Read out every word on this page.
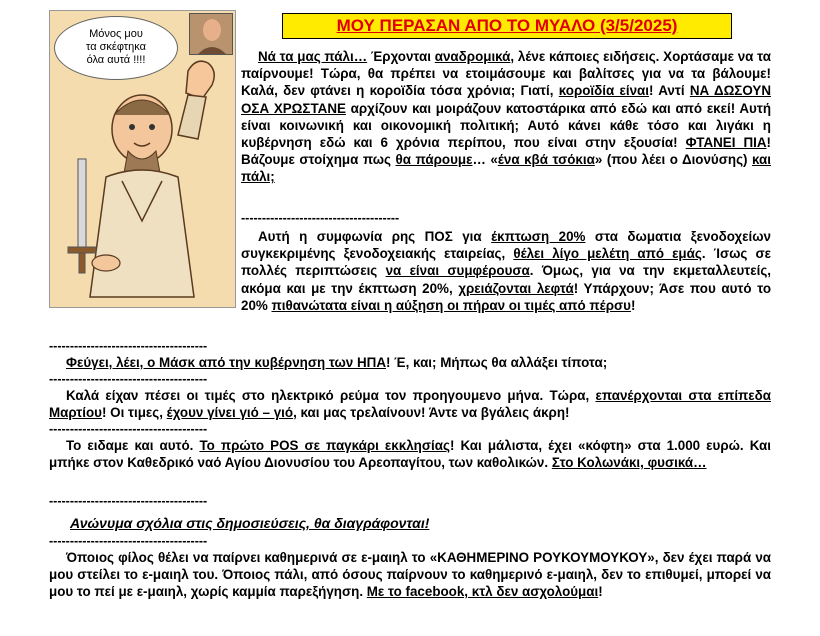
Μόνος μου
τα σκέφτηκα
όλα αυτά !!!!
ΜΟΥ ΠΕΡΑΣΑΝ ΑΠΟ ΤΟ ΜΥΑΛΟ (3/5/2025)
Νά τα μας πάλι… Έρχονται αναδρομικά, λένε κάποιες ειδήσεις. Χορτάσαμε να τα παίρνουμε! Τώρα, θα πρέπει να ετοιμάσουμε και βαλίτσες για να τα βάλουμε! Καλά, δεν φτάνει η κοροϊδία τόσα χρόνια; Γιατί, κοροϊδία είναι! Αντί ΝΑ ΔΩΣΟΥΝ ΟΣΑ ΧΡΩΣΤΑΝΕ αρχίζουν και μοιράζουν κατοστάρικα από εδώ και από εκεί! Αυτή είναι κοινωνική και οικονομική πολιτική; Αυτό κάνει κάθε τόσο και λιγάκι η κυβέρνηση εδώ και 6 χρόνια περίπου, που είναι στην εξουσία! ΦΤΑΝΕΙ ΠΙΑ! Βάζουμε στοίχημα πως θα πάρουμε… «ένα κβά τσόκια» (που λέει ο Διονύσης) και πάλι;
--------------------------------------
Αυτή η συμφωνία ρης ΠΟΣ για έκπτωση 20% στα δωματια ξενοδοχείων συγκεκριμένης ξενοδοχειακής εταιρείας, θέλει λίγο μελέτη από εμάς. Ίσως σε πολλές περιπτώσεις να είναι συμφέρουσα. Όμως, για να την εκμεταλλευτείς, ακόμα και με την έκπτωση 20%, χρειάζονται λεφτά! Υπάρχουν; Άσε που αυτό το 20% πιθανώτατα είναι η αύξηση οι πήραν οι τιμές από πέρσυ!
--------------------------------------
Φεύγει, λέει, ο Μάσκ από την κυβέρνηση των ΗΠΑ! Έ, και; Μήπως θα αλλάξει τίποτα;
--------------------------------------
Καλά είχαν πέσει οι τιμές στο ηλεκτρικό ρεύμα τον προηγουμενο μήνα. Τώρα, επανέρχονται στα επίπεδα Μαρτίου! Οι τιμες, έχουν γίνει γιό – γιό, και μας τρελαίνουν! Άντε να βγάλεις άκρη!
--------------------------------------
Το ειδαμε και αυτό. Το πρώτο POS σε παγκάρι εκκλησίας! Και μάλιστα, έχει «κόφτη» στα 1.000 ευρώ. Και μπήκε στον Καθεδρικό ναό Αγίου Διονυσίου του Αρεοπαγίτου, των καθολικών. Στο Κολωνάκι, φυσικά…
--------------------------------------
Ανώνυμα σχόλια στις δημοσιεύσεις, θα διαγράφονται!
--------------------------------------
Όποιος φίλος θέλει να παίρνει καθημερινά σε ε-μαιηλ το «ΚΑΘΗΜΕΡΙΝΟ ΡΟΥΚΟΥΜΟΥΚΟΥ», δεν έχει παρά να μου στείλει το ε-μαιηλ του. Όποιος πάλι, από όσους παίρνουν το καθημερινό ε-μαιηλ, δεν το επιθυμεί, μπορεί να μου το πεί με ε-μαιηλ, χωρίς καμμία παρεξήγηση. Με το facebook, κτλ δεν ασχολούμαι!
